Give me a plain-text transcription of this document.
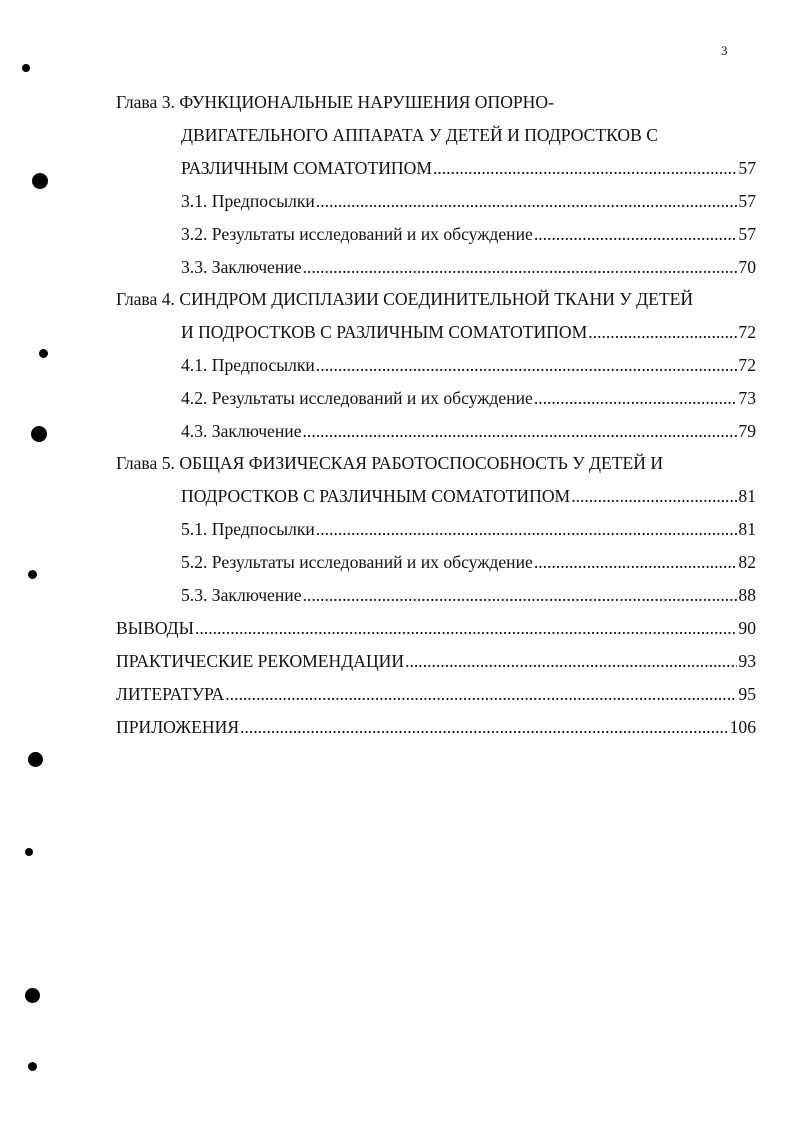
3
Глава 3. ФУНКЦИОНАЛЬНЫЕ НАРУШЕНИЯ ОПОРНО-
ДВИГАТЕЛЬНОГО АППАРАТА У ДЕТЕЙ И ПОДРОСТКОВ С
РАЗЛИЧНЫМ СОМАТОТИПОМ .....	57
3.1. Предпосылки .....	57
3.2. Результаты исследований и их обсуждение .....	57
3.3. Заключение .....	70
Глава 4. СИНДРОМ ДИСПЛАЗИИ СОЕДИНИТЕЛЬНОЙ ТКАНИ У ДЕТЕЙ
И ПОДРОСТКОВ С РАЗЛИЧНЫМ СОМАТОТИПОМ .....	72
4.1. Предпосылки .....	72
4.2. Результаты исследований и их обсуждение .....	73
4.3. Заключение .....	79
Глава 5. ОБЩАЯ ФИЗИЧЕСКАЯ РАБОТОСПОСОБНОСТЬ У ДЕТЕЙ И
ПОДРОСТКОВ С РАЗЛИЧНЫМ СОМАТОТИПОМ .....	81
5.1. Предпосылки .....	81
5.2. Результаты исследований и их обсуждение .....	82
5.3. Заключение .....	88
ВЫВОДЫ .....	90
ПРАКТИЧЕСКИЕ РЕКОМЕНДАЦИИ .....	93
ЛИТЕРАТУРА .....	95
ПРИЛОЖЕНИЯ .....	106
